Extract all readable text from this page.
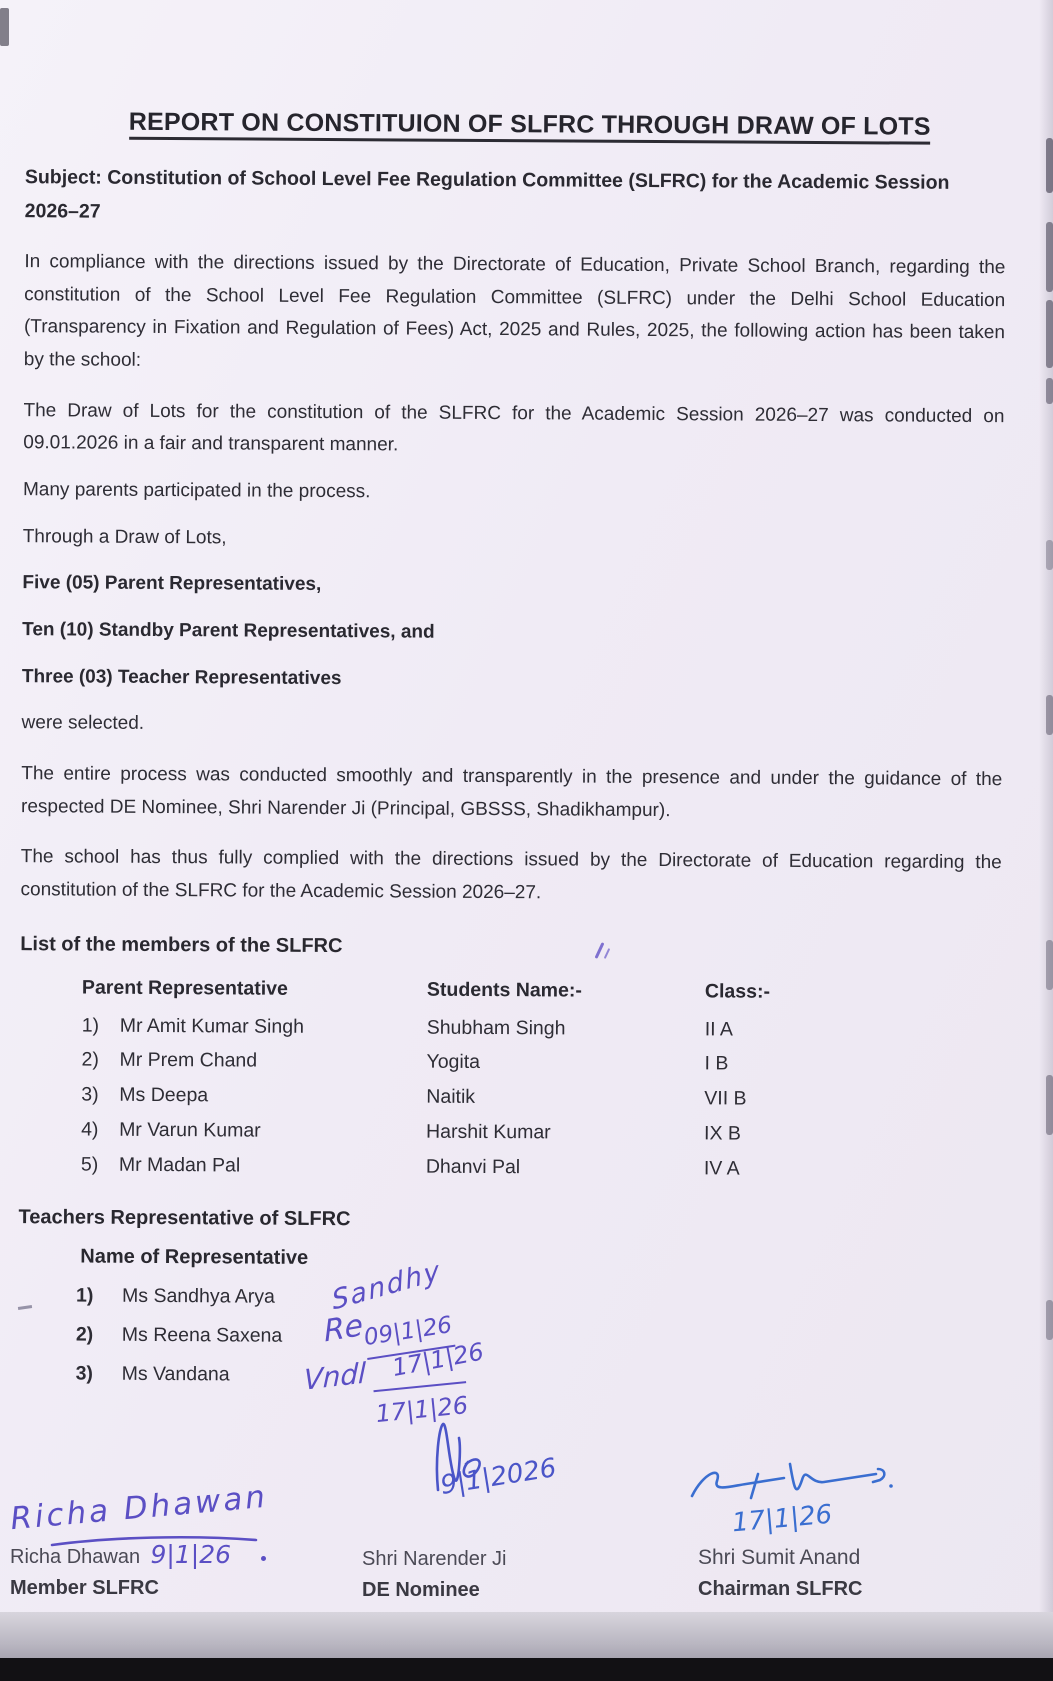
REPORT ON CONSTITUION OF SLFRC THROUGH DRAW OF LOTS

Subject: Constitution of School Level Fee Regulation Committee (SLFRC) for the Academic Session 2026–27

In compliance with the directions issued by the Directorate of Education, Private School Branch, regarding the constitution of the School Level Fee Regulation Committee (SLFRC) under the Delhi School Education (Transparency in Fixation and Regulation of Fees) Act, 2025 and Rules, 2025, the following action has been taken by the school:

The Draw of Lots for the constitution of the SLFRC for the Academic Session 2026–27 was conducted on 09.01.2026 in a fair and transparent manner.

Many parents participated in the process.

Through a Draw of Lots,

Five (05) Parent Representatives,

Ten (10) Standby Parent Representatives, and

Three (03) Teacher Representatives

were selected.

The entire process was conducted smoothly and transparently in the presence and under the guidance of the respected DE Nominee, Shri Narender Ji (Principal, GBSSS, Shadikhampur).

The school has thus fully complied with the directions issued by the Directorate of Education regarding the constitution of the SLFRC for the Academic Session 2026–27.

List of the members of the SLFRC
Parent Representative	Students Name:-	Class:-
1)	Mr Amit Kumar Singh	Shubham Singh	II A
2)	Mr Prem Chand	Yogita	I B
3)	Ms Deepa	Naitik	VII B
4)	Mr Varun Kumar	Harshit Kumar	IX B
5)	Mr Madan Pal	Dhanvi Pal	IV A
Teachers Representative of SLFRC
Name of Representative
1)	Ms Sandhya Arya Sandhy
2)	Ms Reena Saxena Re
09|1|26
3)	Ms Vandana	Vndl 17|1|26
17|1|26
Richa Dhawan
Richa Dhawan 9|1|26
Member SLFRC
9|1|2026
Shri Narender Ji
DE Nominee
17|1|26
Shri Sumit Anand
Chairman SLFRC
